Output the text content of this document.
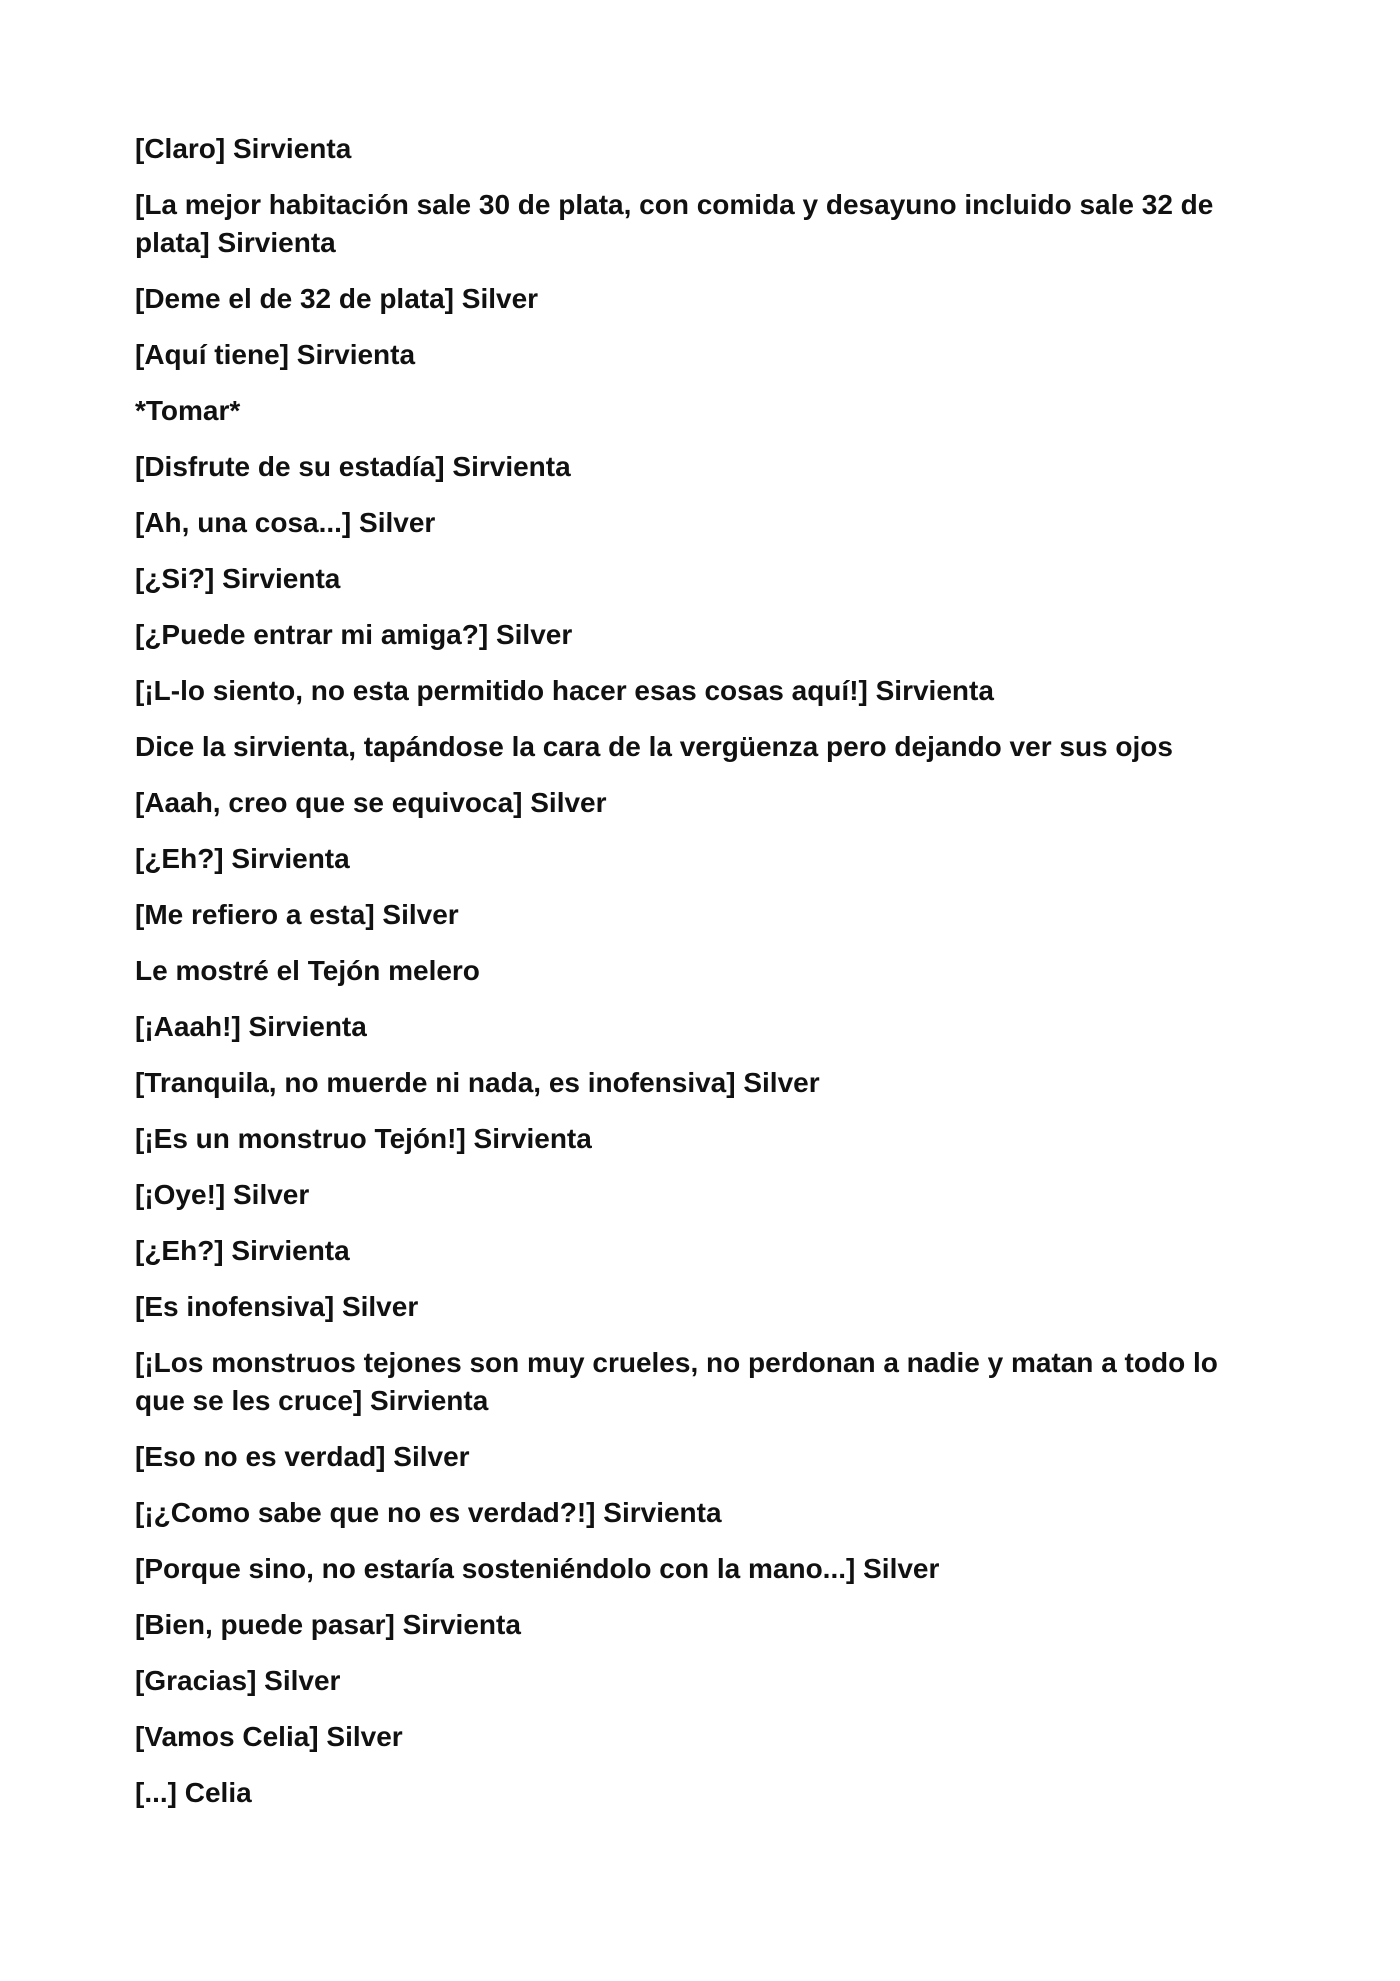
[Claro] Sirvienta

[La mejor habitación sale 30 de plata, con comida y desayuno incluido sale 32 de plata] Sirvienta

[Deme el de 32 de plata] Silver

[Aquí tiene] Sirvienta

*Tomar*

[Disfrute de su estadía] Sirvienta

[Ah, una cosa...] Silver

[¿Si?] Sirvienta

[¿Puede entrar mi amiga?] Silver

[¡L-lo siento, no esta permitido hacer esas cosas aquí!] Sirvienta

Dice la sirvienta, tapándose la cara de la vergüenza pero dejando ver sus ojos

[Aaah, creo que se equivoca] Silver

[¿Eh?] Sirvienta

[Me refiero a esta] Silver

Le mostré el Tejón melero

[¡Aaah!] Sirvienta

[Tranquila, no muerde ni nada, es inofensiva] Silver

[¡Es un monstruo Tejón!] Sirvienta

[¡Oye!] Silver

[¿Eh?] Sirvienta

[Es inofensiva] Silver

[¡Los monstruos tejones son muy crueles, no perdonan a nadie y matan a todo lo que se les cruce] Sirvienta

[Eso no es verdad] Silver

[¡¿Como sabe que no es verdad?!] Sirvienta

[Porque sino, no estaría sosteniéndolo con la mano...] Silver

[Bien, puede pasar] Sirvienta

[Gracias] Silver

[Vamos Celia] Silver

[...] Celia
